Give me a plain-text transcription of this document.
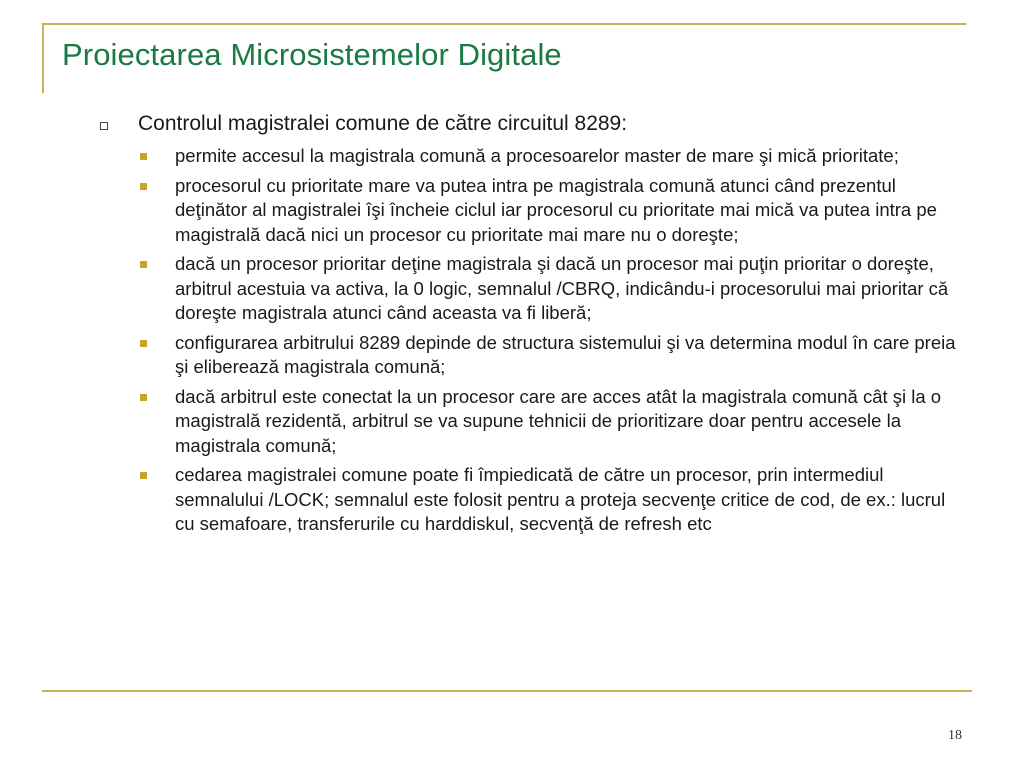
Proiectarea Microsistemelor Digitale
Controlul magistralei comune de către circuitul 8289:
permite accesul la magistrala comună a procesoarelor master de mare şi mică prioritate;
procesorul cu prioritate mare va putea intra pe magistrala comună atunci când prezentul deţinător al magistralei îşi încheie ciclul iar procesorul cu prioritate mai mică va putea intra pe magistrală dacă nici un procesor cu prioritate mai mare nu o doreşte;
dacă un procesor prioritar deţine magistrala şi dacă un procesor mai puţin prioritar o doreşte, arbitrul acestuia va activa, la 0 logic, semnalul /CBRQ, indicându-i procesorului mai prioritar că doreşte magistrala atunci când aceasta va fi liberă;
configurarea arbitrului 8289 depinde de structura sistemului şi va determina modul în care preia şi eliberează magistrala comună;
dacă arbitrul este conectat la un procesor care are acces atât la magistrala comună cât şi la o magistrală rezidentă, arbitrul se va supune tehnicii de prioritizare doar pentru accesele la magistrala comună;
cedarea magistralei comune poate fi împiedicată de către un procesor, prin intermediul semnalului /LOCK; semnalul este folosit pentru a proteja secvenţe critice de cod, de ex.: lucrul cu semafoare, transferurile cu harddiskul, secvenţă de refresh etc
18
